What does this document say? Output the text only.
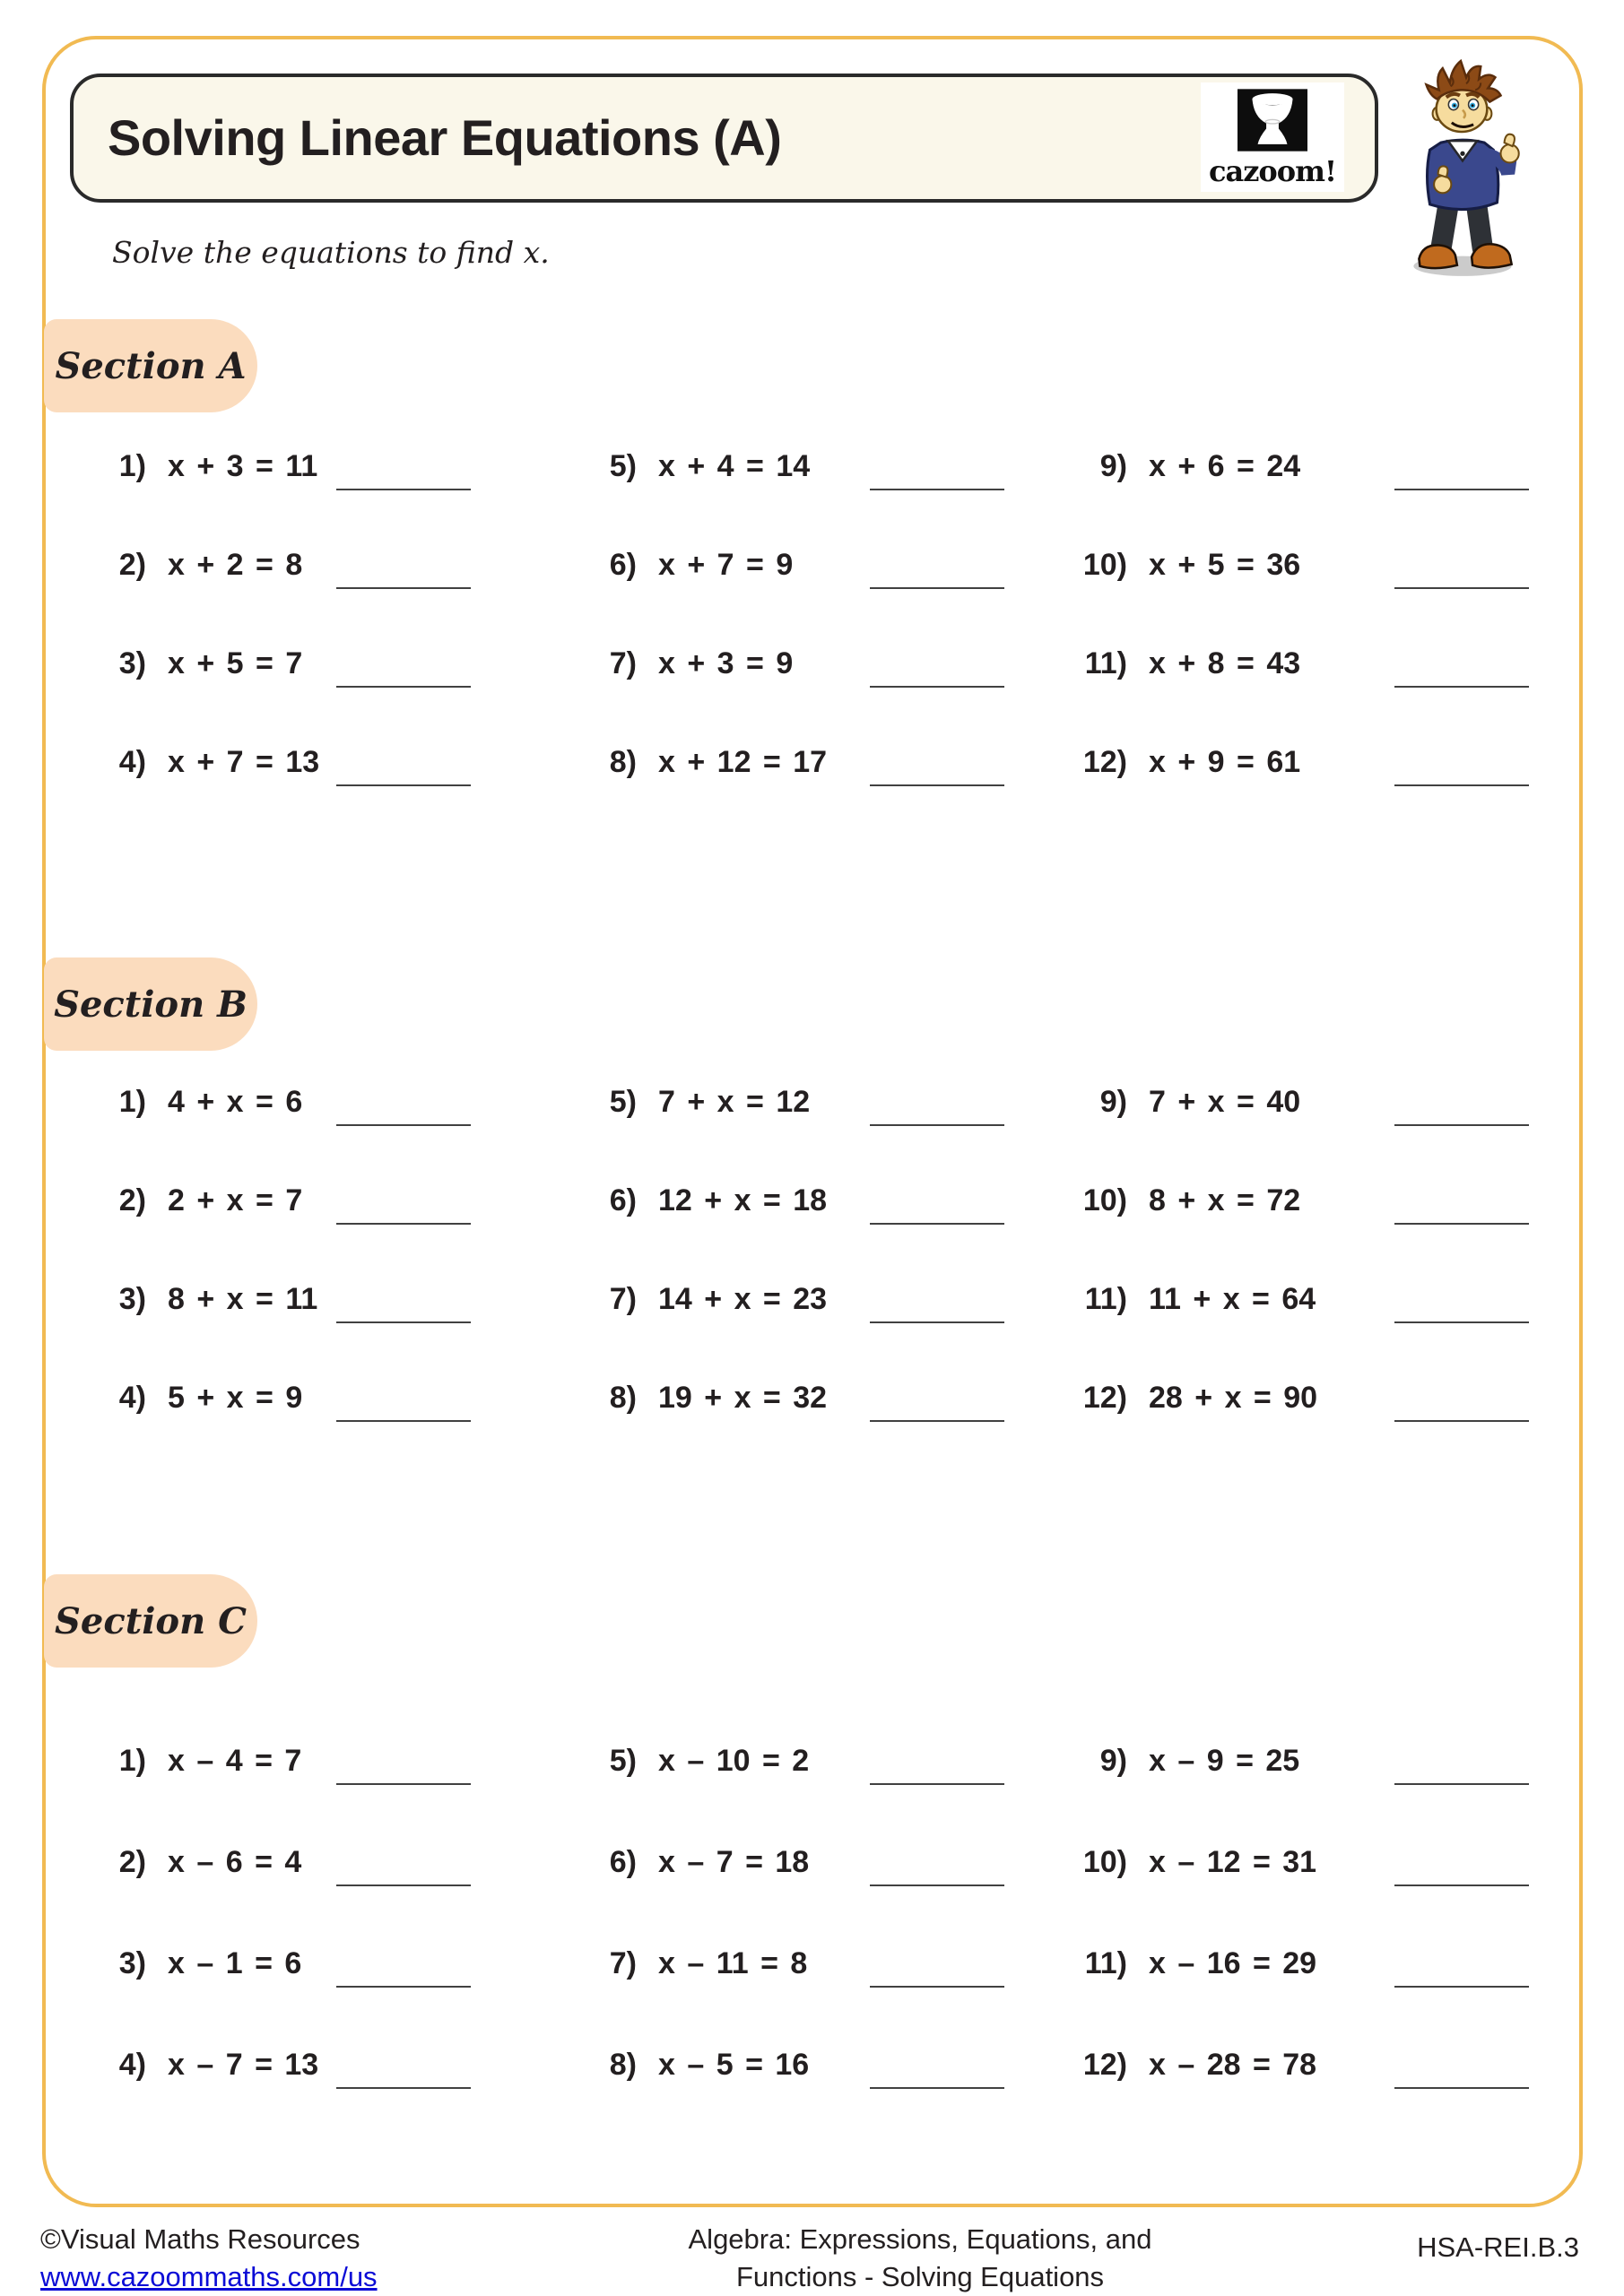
Solving Linear Equations (A)
cazoom!
Solve the equations to find x.
Section A
1) x + 3 = 11
2) x + 2 = 8
3) x + 5 = 7
4) x + 7 = 13
5) x + 4 = 14
6) x + 7 = 9
7) x + 3 = 9
8) x + 12 = 17
9) x + 6 = 24
10) x + 5 = 36
11) x + 8 = 43
12) x + 9 = 61
Section B
1) 4 + x = 6
2) 2 + x = 7
3) 8 + x = 11
4) 5 + x = 9
5) 7 + x = 12
6) 12 + x = 18
7) 14 + x = 23
8) 19 + x = 32
9) 7 + x = 40
10) 8 + x = 72
11) 11 + x = 64
12) 28 + x = 90
Section C
1) x – 4 = 7
2) x – 6 = 4
3) x – 1 = 6
4) x – 7 = 13
5) x – 10 = 2
6) x – 7 = 18
7) x – 11 = 8
8) x – 5 = 16
9) x – 9 = 25
10) x – 12 = 31
11) x – 16 = 29
12) x – 28 = 78
©Visual Maths Resources
www.cazoommaths.com/us
Algebra: Expressions, Equations, and
Functions - Solving Equations
HSA-REI.B.3
